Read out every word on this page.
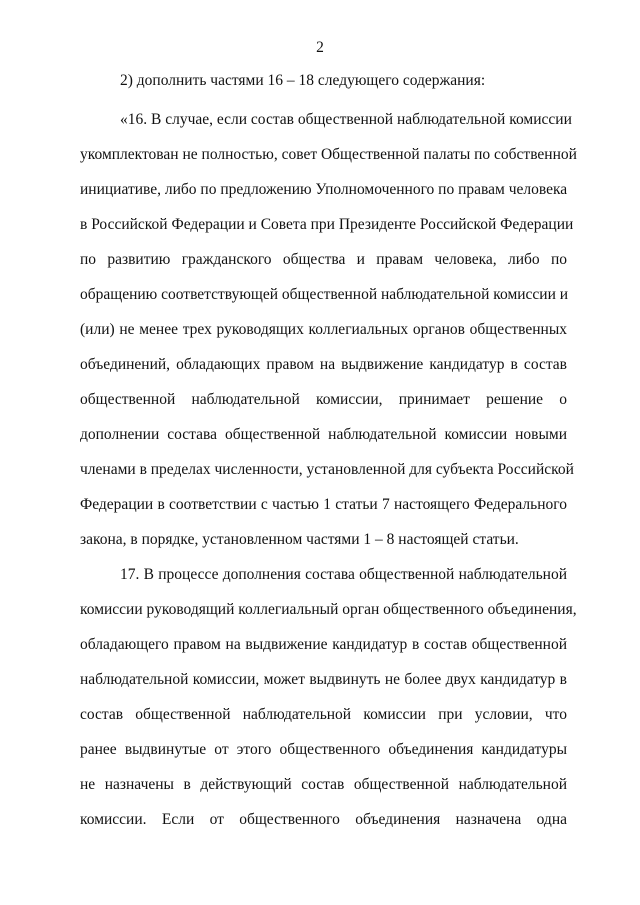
2
2) дополнить частями 16 – 18 следующего содержания:
«16. В случае, если состав общественной наблюдательной комиссии
укомплектован не полностью, совет Общественной палаты по собственной
инициативе, либо по предложению Уполномоченного по правам человека
в Российской Федерации и Совета при Президенте Российской Федерации
по развитию гражданского общества и правам человека, либо по
обращению соответствующей общественной наблюдательной комиссии и
(или) не менее трех руководящих коллегиальных органов общественных
объединений, обладающих правом на выдвижение кандидатур в состав
общественной наблюдательной комиссии, принимает решение о
дополнении состава общественной наблюдательной комиссии новыми
членами в пределах численности, установленной для субъекта Российской
Федерации в соответствии с частью 1 статьи 7 настоящего Федерального
закона, в порядке, установленном частями 1 – 8 настоящей статьи.
17. В процессе дополнения состава общественной наблюдательной
комиссии руководящий коллегиальный орган общественного объединения,
обладающего правом на выдвижение кандидатур в состав общественной
наблюдательной комиссии, может выдвинуть не более двух кандидатур в
состав общественной наблюдательной комиссии при условии, что
ранее выдвинутые от этого общественного объединения кандидатуры
не назначены в действующий состав общественной наблюдательной
комиссии. Если от общественного объединения назначена одна
